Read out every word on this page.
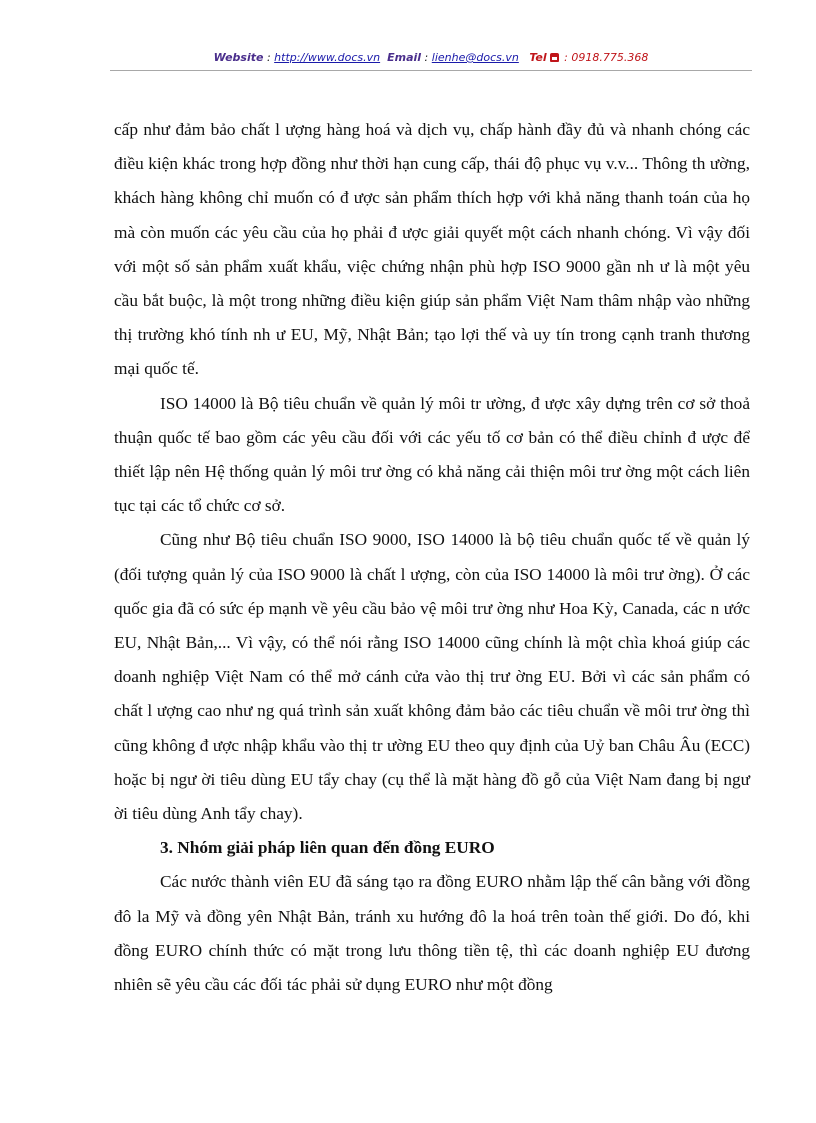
Website : http://www.docs.vn Email : lienhe@docs.vn Tel : 0918.775.368

cấp như đảm bảo chất l ượng hàng hoá và dịch vụ, chấp hành đầy đủ và nhanh chóng các điều kiện khác trong hợp đồng như thời hạn cung cấp, thái độ phục vụ v.v... Thông th ường, khách hàng không chỉ muốn có đ ược sản phẩm thích hợp với khả năng thanh toán của họ mà còn muốn các yêu cầu của họ phải đ ược giải quyết một cách nhanh chóng. Vì vậy đối với một số sản phẩm xuất khẩu, việc chứng nhận phù hợp ISO 9000 gần nh ư là một yêu cầu bắt buộc, là một trong những điều kiện giúp sản phẩm Việt Nam thâm nhập vào những thị trường khó tính nh ư EU, Mỹ, Nhật Bản; tạo lợi thế và uy tín trong cạnh tranh thương mại quốc tế.

ISO 14000 là Bộ tiêu chuẩn về quản lý môi tr ường, đ ược xây dựng trên cơ sở thoả thuận quốc tế bao gồm các yêu cầu đối với các yếu tố cơ bản có thể điều chỉnh đ ược để thiết lập nên Hệ thống quản lý môi trư ờng có khả năng cải thiện môi trư ờng một cách liên tục tại các tổ chức cơ sở.

Cũng như Bộ tiêu chuẩn ISO 9000, ISO 14000 là bộ tiêu chuẩn quốc tế về quản lý (đối tượng quản lý của ISO 9000 là chất l ượng, còn của ISO 14000 là môi trư ờng). Ở các quốc gia đã có sức ép mạnh về yêu cầu bảo vệ môi trư ờng như Hoa Kỳ, Canada, các n ước EU, Nhật Bản,... Vì vậy, có thể nói rằng ISO 14000 cũng chính là một chìa khoá giúp các doanh nghiệp Việt Nam có thể mở cánh cửa vào thị trư ờng EU. Bởi vì các sản phẩm có chất l ượng cao như ng quá trình sản xuất không đảm bảo các tiêu chuẩn về môi trư ờng thì cũng không đ ược nhập khẩu vào thị tr ường EU theo quy định của Uỷ ban Châu Âu (ECC) hoặc bị ngư ời tiêu dùng EU tẩy chay (cụ thể là mặt hàng đồ gỗ của Việt Nam đang bị ngư ời tiêu dùng Anh tẩy chay).

3. Nhóm giải pháp liên quan đến đồng EURO

Các nước thành viên EU đã sáng tạo ra đồng EURO nhằm lập thế cân bằng với đồng đô la Mỹ và đồng yên Nhật Bản, tránh xu hướng đô la hoá trên toàn thế giới. Do đó, khi đồng EURO chính thức có mặt trong lưu thông tiền tệ, thì các doanh nghiệp EU đương nhiên sẽ yêu cầu các đối tác phải sử dụng EURO như một đồng
